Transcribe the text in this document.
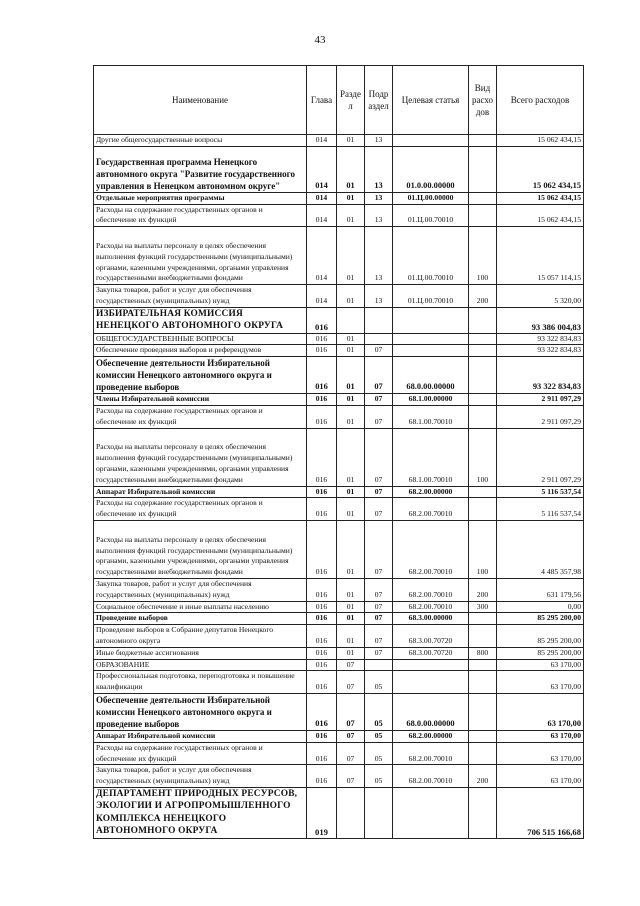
43
Наименование	Глава	Разде л	Подр аздел	Целевая статья	Вид расхо дов	Всего расходов
Другие общегосударственные вопросы	014	01	13			15 062 434,15
Государственная программа Ненецкого автономного округа "Развитие государственного управления в Ненецком автономном округе"	014	01	13	01.0.00.00000		15 062 434,15
Отдельные мероприятия программы	014	01	13	01.Ц.00.00000		15 062 434,15
Расходы на содержание государственных органов и обеспечение их функций	014	01	13	01.Ц.00.70010		15 062 434,15
Расходы на выплаты персоналу в целях обеспечения выполнения функций государственными (муниципальными) органами, казенными учреждениями, органами управления государственными внебюджетными фондами	014	01	13	01.Ц.00.70010	100	15 057 114,15
Закупка товаров, работ и услуг для обеспечения государственных (муниципальных) нужд	014	01	13	01.Ц.00.70010	200	5 320,00
ИЗБИРАТЕЛЬНАЯ КОМИССИЯ НЕНЕЦКОГО АВТОНОМНОГО ОКРУГА	016					93 386 004,83
ОБЩЕГОСУДАРСТВЕННЫЕ ВОПРОСЫ	016	01				93 322 834,83
Обеспечение проведения выборов и референдумов	016	01	07			93 322 834,83
Обеспечение деятельности Избирательной комиссии Ненецкого автономного округа и проведение выборов	016	01	07	68.0.00.00000		93 322 834,83
Члены Избирательной комиссии	016	01	07	68.1.00.00000		2 911 097,29
Расходы на содержание государственных органов и обеспечение их функций	016	01	07	68.1.00.70010		2 911 097,29
Расходы на выплаты персоналу в целях обеспечения выполнения функций государственными (муниципальными) органами, казенными учреждениями, органами управления государственными внебюджетными фондами	016	01	07	68.1.00.70010	100	2 911 097,29
Аппарат Избирательной комиссии	016	01	07	68.2.00.00000		5 116 537,54
Расходы на содержание государственных органов и обеспечение их функций	016	01	07	68.2.00.70010		5 116 537,54
Расходы на выплаты персоналу в целях обеспечения выполнения функций государственными (муниципальными) органами, казенными учреждениями, органами управления государственными внебюджетными фондами	016	01	07	68.2.00.70010	100	4 485 357,98
Закупка товаров, работ и услуг для обеспечения государственных (муниципальных) нужд	016	01	07	68.2.00.70010	200	631 179,56
Социальное обеспечение и иные выплаты населению	016	01	07	68.2.00.70010	300	0,00
Проведение выборов	016	01	07	68.3.00.00000		85 295 200,00
Проведение выборов в Собрание депутатов Ненецкого автономного округа	016	01	07	68.3.00.70720		85 295 200,00
Иные бюджетные ассигнования	016	01	07	68.3.00.70720	800	85 295 200,00
ОБРАЗОВАНИЕ	016	07				63 170,00
Профессиональная подготовка, переподготовка и повышение квалификации	016	07	05			63 170,00
Обеспечение деятельности Избирательной комиссии Ненецкого автономного округа и проведение выборов	016	07	05	68.0.00.00000		63 170,00
Аппарат Избирательной комиссии	016	07	05	68.2.00.00000		63 170,00
Расходы на содержание государственных органов и обеспечение их функций	016	07	05	68.2.00.70010		63 170,00
Закупка товаров, работ и услуг для обеспечения государственных (муниципальных) нужд	016	07	05	68.2.00.70010	200	63 170,00
ДЕПАРТАМЕНТ ПРИРОДНЫХ РЕСУРСОВ, ЭКОЛОГИИ И АГРОПРОМЫШЛЕННОГО КОМПЛЕКСА НЕНЕЦКОГО АВТОНОМНОГО ОКРУГА	019					706 515 166,68
